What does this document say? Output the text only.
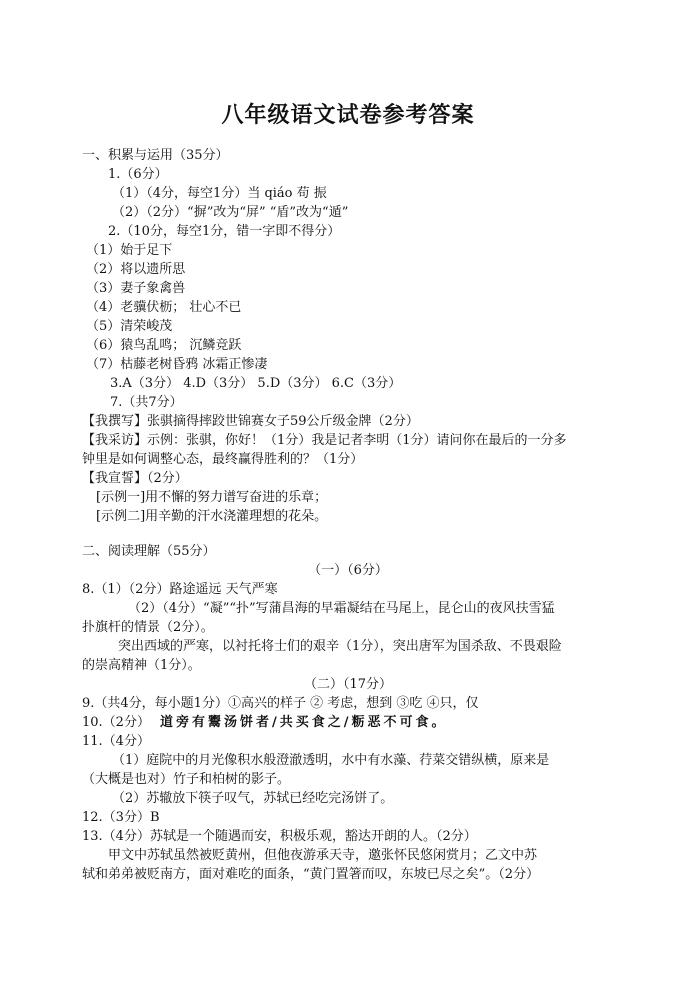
八年级语文试卷参考答案
一、积累与运用（35分）
1.（6分）
（1）（4分，每空1分）当 qiáo 苟 振
（2）（2分）“摒”改为“屏” “盾”改为“遁”
2.（10分，每空1分，错一字即不得分）
（1）始于足下
（2）将以遗所思
（3）妻子象禽兽
（4）老骥伏枥； 壮心不已
（5）清荣峻茂
（6）猿鸟乱鸣； 沉鳞竞跃
（7）枯藤老树昏鸦 冰霜正惨凄
3.A（3分） 4.D（3分） 5.D（3分） 6.C（3分）
7.（共7分）
【我撰写】张骐摘得摔跤世锦赛女子59公斤级金牌（2分）
【我采访】示例：张骐，你好！（1分）我是记者李明（1分）请问你在最后的一分多
钟里是如何调整心态，最终赢得胜利的？（1分）
【我宣誓】（2分）
[示例一]用不懈的努力谱写奋进的乐章；
[示例二]用辛勤的汗水浇灌理想的花朵。
二、阅读理解（55分）
（一）（6分）
8.（1）（2分）路途遥远 天气严寒
（2）（4分）“凝”“扑”写蒲昌海的早霜凝结在马尾上，昆仑山的夜风扶雪猛
扑旗杆的情景（2分）。
突出西域的严寒，以衬托将士们的艰辛（1分），突出唐军为国杀敌、不畏艰险
的崇高精神（1分）。
（二）（17分）
9.（共4分，每小题1分）①高兴的样子 ② 考虑，想到 ③吃 ④只，仅
10.（2分） 道旁有鬻汤饼者/共买食之/粝恶不可食。
11.（4分）
（1）庭院中的月光像积水般澄澈透明，水中有水藻、荇菜交错纵横，原来是
（大概是也对）竹子和柏树的影子。
（2）苏辙放下筷子叹气，苏轼已经吃完汤饼了。
12.（3分）B
13.（4分）苏轼是一个随遇而安，积极乐观，豁达开朗的人。（2分）
甲文中苏轼虽然被贬黄州，但他夜游承天寺，邀张怀民悠闲赏月；乙文中苏
轼和弟弟被贬南方，面对难吃的面条，“黄门置箸而叹，东坡已尽之矣”。（2分）
